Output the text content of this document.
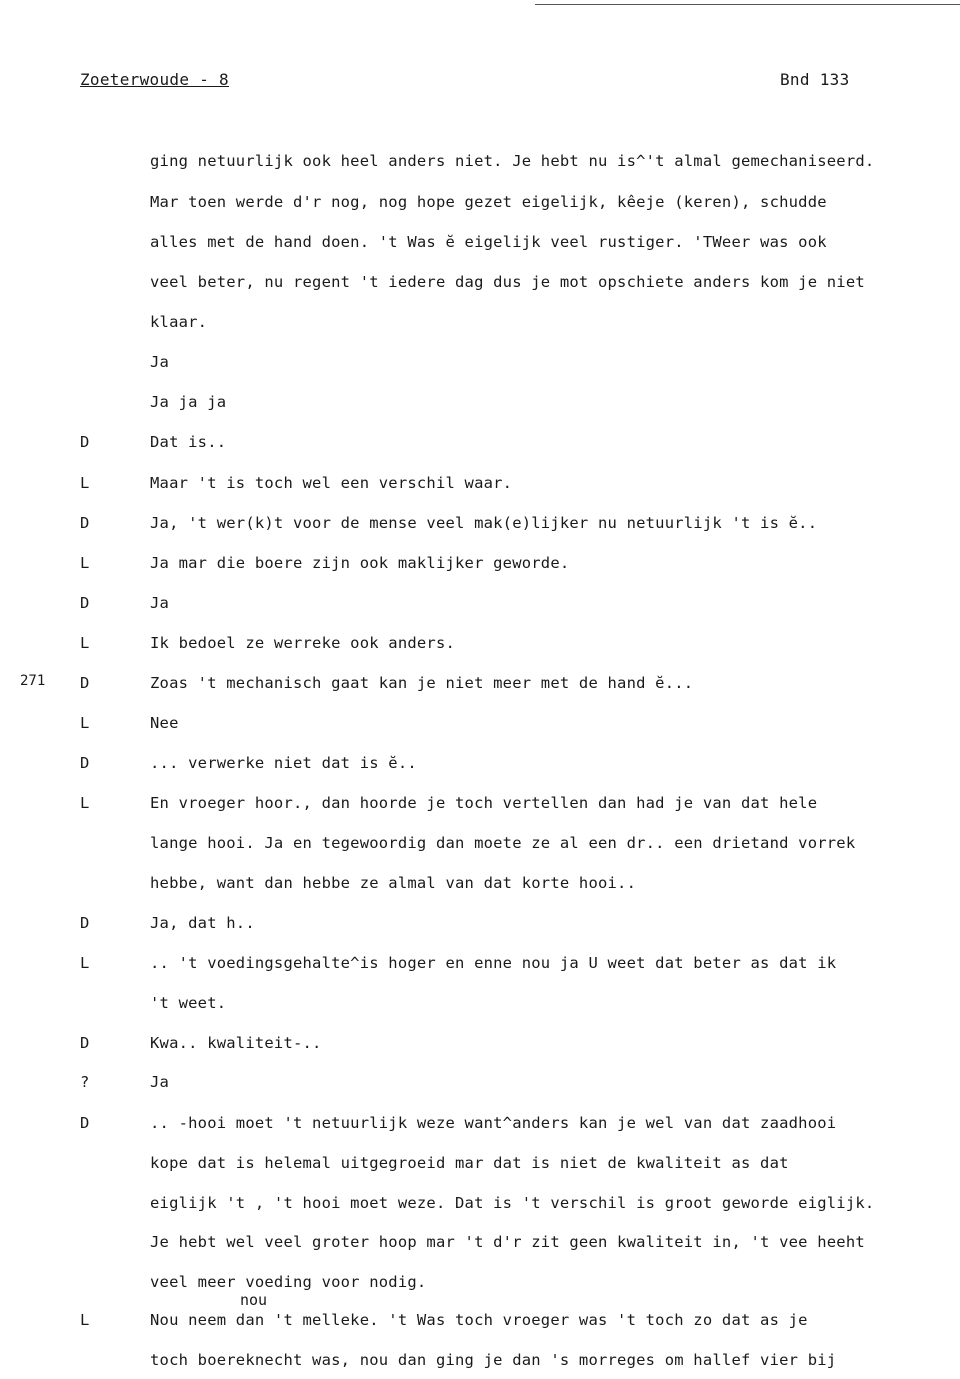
Zoeterwoude - 8	Bnd 133
271
nou
ging netuurlijk ook heel anders niet. Je hebt nu is^'t almal gemechaniseerd.
Mar toen werde d'r nog, nog hope gezet eigelijk, kêeje (keren), schudde
alles met de hand doen. 't Was ĕ eigelijk veel rustiger. 'TWeer was ook
veel beter, nu regent 't iedere dag dus je mot opschiete anders kom je niet
klaar.
Ja
Ja ja ja
D	Dat is..
L	Maar 't is toch wel een verschil waar.
D	Ja, 't wer(k)t voor de mense veel mak(e)lijker nu netuurlijk 't is ĕ..
L	Ja mar die boere zijn ook maklijker geworde.
D	Ja
L	Ik bedoel ze werreke ook anders.
D	Zoas 't mechanisch gaat kan je niet meer met de hand ĕ...
L	Nee
D	... verwerke niet dat is ĕ..
L	En vroeger hoor., dan hoorde je toch vertellen dan had je van dat hele
lange hooi. Ja en tegewoordig dan moete ze al een dr.. een drietand vorrek
hebbe, want dan hebbe ze almal van dat korte hooi..
D	Ja, dat h..
L	.. 't voedingsgehalte^is hoger en enne nou ja U weet dat beter as dat ik
't weet.
D	Kwa.. kwaliteit-..
?	Ja
D	.. -hooi moet 't netuurlijk weze want^anders kan je wel van dat zaadhooi
kope dat is helemal uitgegroeid mar dat is niet de kwaliteit as dat
eiglijk 't , 't hooi moet weze. Dat is 't verschil is groot geworde eiglijk.
Je hebt wel veel groter hoop mar 't d'r zit geen kwaliteit in, 't vee heeht
veel meer voeding voor nodig.
L	Nou neem dan 't melleke. 't Was toch vroeger was 't toch zo dat as je
toch boereknecht was, nou dan ging je dan 's morreges om hallef vier bij
